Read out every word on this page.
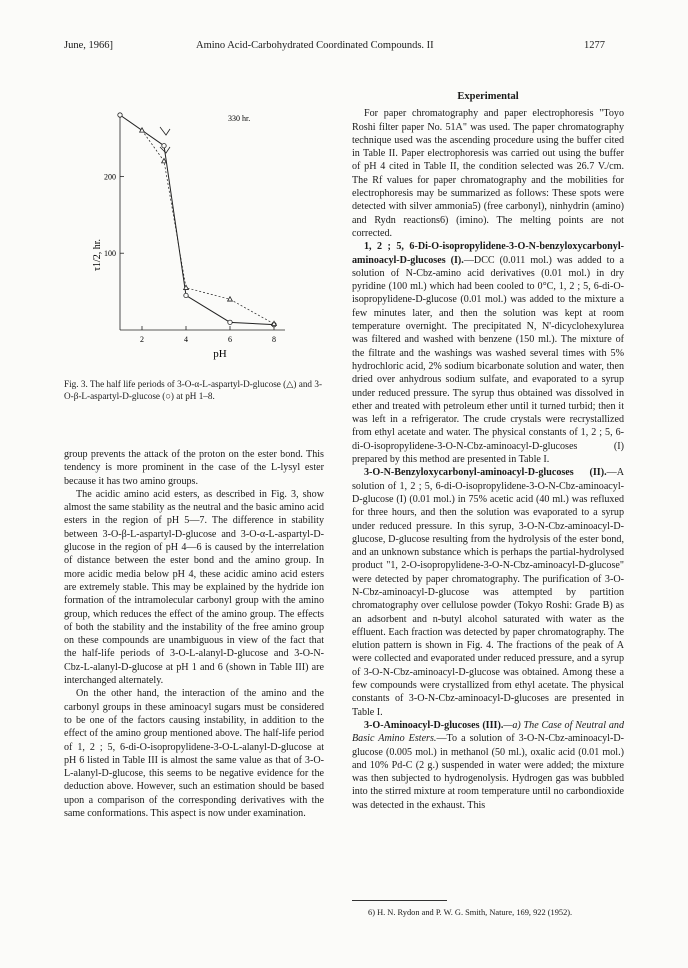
June, 1966]	Amino Acid-Carbohydrated Coordinated Compounds. II	1277
200
100
2	4	6	8
τ1/2, hr.
pH
330 hr.
Fig. 3. The half life periods of 3-O-α-L-aspartyl-D-glucose (△) and 3-O-β-L-aspartyl-D-glucose (○) at pH 1–8.

group prevents the attack of the proton on the ester bond. This tendency is more prominent in the case of the L-lysyl ester because it has two amino groups.

The acidic amino acid esters, as described in Fig. 3, show almost the same stability as the neutral and the basic amino acid esters in the region of pH 5—7. The difference in stability between 3-O-β-L-aspartyl-D-glucose and 3-O-α-L-aspartyl-D-glucose in the region of pH 4—6 is caused by the interrelation of distance between the ester bond and the amino group. In more acidic media below pH 4, these acidic amino acid esters are extremely stable. This may be explained by the hydride ion formation of the intramolecular carbonyl group with the amino group, which reduces the effect of the amino group. The effects of both the stability and the instability of the free amino group on these compounds are unambiguous in view of the fact that the half-life periods of 3-O-L-alanyl-D-glucose and 3-O-N-Cbz-L-alanyl-D-glucose at pH 1 and 6 (shown in Table III) are interchanged alternately.

On the other hand, the interaction of the amino and the carbonyl groups in these aminoacyl sugars must be considered to be one of the factors causing instability, in addition to the effect of the amino group mentioned above. The half-life period of 1, 2 ; 5, 6-di-O-isopropylidene-3-O-L-alanyl-D-glucose at pH 6 listed in Table III is almost the same value as that of 3-O-L-alanyl-D-glucose, this seems to be negative evidence for the deduction above. However, such an estimation should be based upon a comparison of the corresponding derivatives with the same conformations. This aspect is now under examination.

Experimental

For paper chromatography and paper electrophoresis "Toyo Roshi filter paper No. 51A" was used. The paper chromatography technique used was the ascending procedure using the buffer cited in Table II. Paper electrophoresis was carried out using the buffer of pH 4 cited in Table II, the condition selected was 26.7 V./cm. The Rf values for paper chromatography and the mobilities for electrophoresis may be summarized as follows: These spots were detected with silver ammonia5) (free carbonyl), ninhydrin (amino) and Rydn reactions6) (imino). The melting points are not corrected.

1, 2 ; 5, 6-Di-O-isopropylidene-3-O-N-benzyloxycarbonyl-aminoacyl-D-glucoses (I).—DCC (0.011 mol.) was added to a solution of N-Cbz-amino acid derivatives (0.01 mol.) in dry pyridine (100 ml.) which had been cooled to 0°C, 1, 2 ; 5, 6-di-O-isopropylidene-D-glucose (0.01 mol.) was added to the mixture a few minutes later, and then the solution was kept at room temperature overnight. The precipitated N, N'-dicyclohexylurea was filtered and washed with benzene (150 ml.). The mixture of the filtrate and the washings was washed several times with 5% hydrochloric acid, 2% sodium bicarbonate solution and water, then dried over anhydrous sodium sulfate, and evaporated to a syrup under reduced pressure. The syrup thus obtained was dissolved in ether and treated with petroleum ether until it turned turbid; then it was left in a refrigerator. The crude crystals were recrystallized from ethyl acetate and water. The physical constants of 1, 2 ; 5, 6-di-O-isopropylidene-3-O-N-Cbz-aminoacyl-D-glucoses (I) prepared by this method are presented in Table I.

3-O-N-Benzyloxycarbonyl-aminoacyl-D-glucoses (II).—A solution of 1, 2 ; 5, 6-di-O-isopropylidene-3-O-N-Cbz-aminoacyl-D-glucose (I) (0.01 mol.) in 75% acetic acid (40 ml.) was refluxed for three hours, and then the solution was evaporated to a syrup under reduced pressure. In this syrup, 3-O-N-Cbz-aminoacyl-D-glucose, D-glucose resulting from the hydrolysis of the ester bond, and an unknown substance which is perhaps the partial-hydrolysed product "1, 2-O-isopropylidene-3-O-N-Cbz-aminoacyl-D-glucose" were detected by paper chromatography. The purification of 3-O-N-Cbz-aminoacyl-D-glucose was attempted by partition chromatography over cellulose powder (Tokyo Roshi: Grade B) as an adsorbent and n-butyl alcohol saturated with water as the effluent. Each fraction was detected by paper chromatography. The elution pattern is shown in Fig. 4. The fractions of the peak of A were collected and evaporated under reduced pressure, and a syrup of 3-O-N-Cbz-aminoacyl-D-glucose was obtained. Among these a few compounds were crystallized from ethyl acetate. The physical constants of 3-O-N-Cbz-aminoacyl-D-glucoses are presented in Table I.

3-O-Aminoacyl-D-glucoses (III).—a) The Case of Neutral and Basic Amino Esters.—To a solution of 3-O-N-Cbz-aminoacyl-D-glucose (0.005 mol.) in methanol (50 ml.), oxalic acid (0.01 mol.) and 10% Pd-C (2 g.) suspended in water were added; the mixture was then subjected to hydrogenolysis. Hydrogen gas was bubbled into the stirred mixture at room temperature until no carbondioxide was detected in the exhaust. This

6) H. N. Rydon and P. W. G. Smith, Nature, 169, 922 (1952).
